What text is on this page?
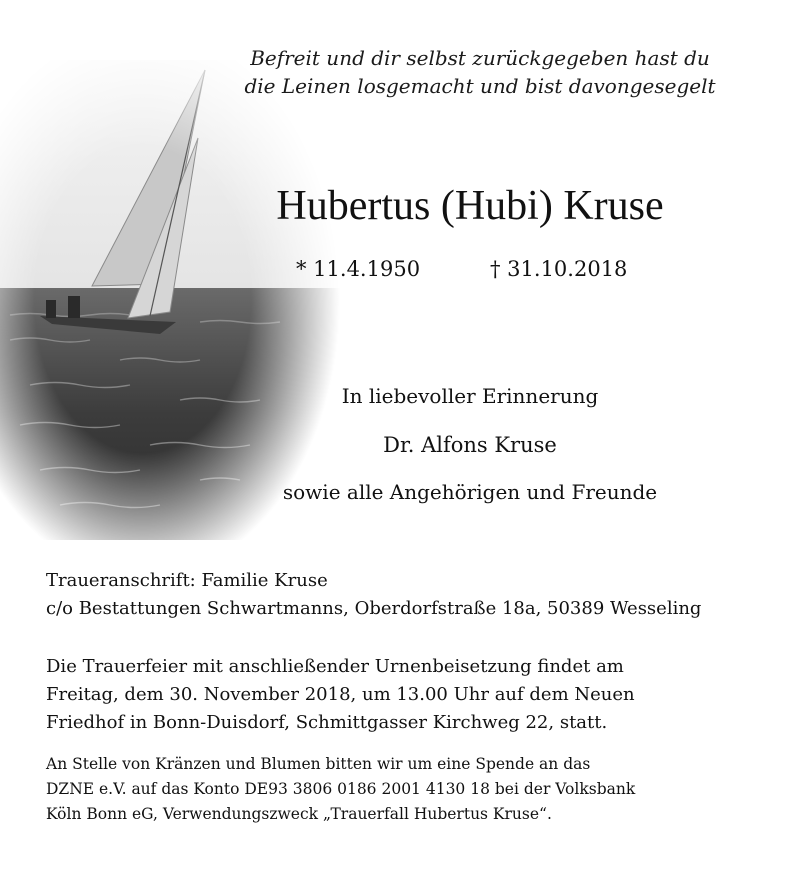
Befreit und dir selbst zurückgegeben hast du
die Leinen losgemacht und bist davongesegelt
Hubertus (Hubi) Kruse
* 11.4.1950	† 31.10.2018
In liebevoller Erinnerung
Dr. Alfons Kruse
sowie alle Angehörigen und Freunde
Traueranschrift: Familie Kruse
c/o Bestattungen Schwartmanns, Oberdorfstraße 18a, 50389 Wesseling
Die Trauerfeier mit anschließender Urnenbeisetzung findet am
Freitag, dem 30. November 2018, um 13.00 Uhr auf dem Neuen
Friedhof in Bonn-Duisdorf, Schmittgasser Kirchweg 22, statt.
An Stelle von Kränzen und Blumen bitten wir um eine Spende an das
DZNE e.V. auf das Konto DE93 3806 0186 2001 4130 18 bei der Volksbank
Köln Bonn eG, Verwendungszweck „Trauerfall Hubertus Kruse“.
